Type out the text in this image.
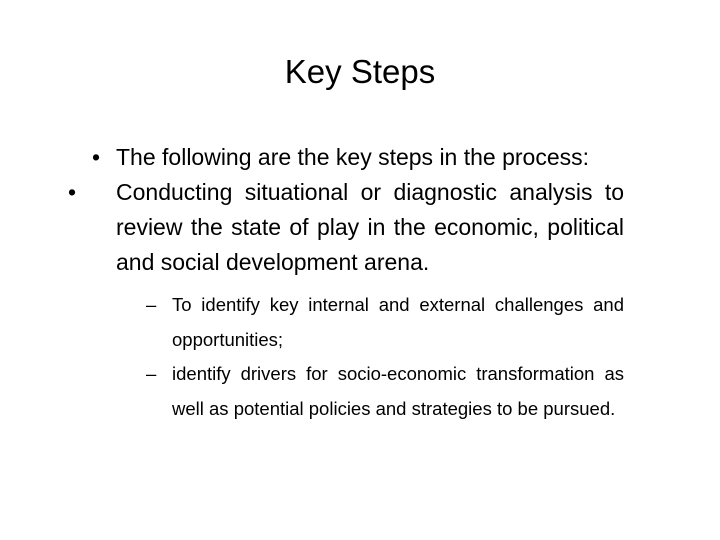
Key Steps
• The following are the key steps in the process:
• Conducting situational or diagnostic analysis to review the state of play in the economic, political and social development arena.
– To identify key internal and external challenges and opportunities;
– identify drivers for socio-economic transformation as well as potential policies and strategies to be pursued.
